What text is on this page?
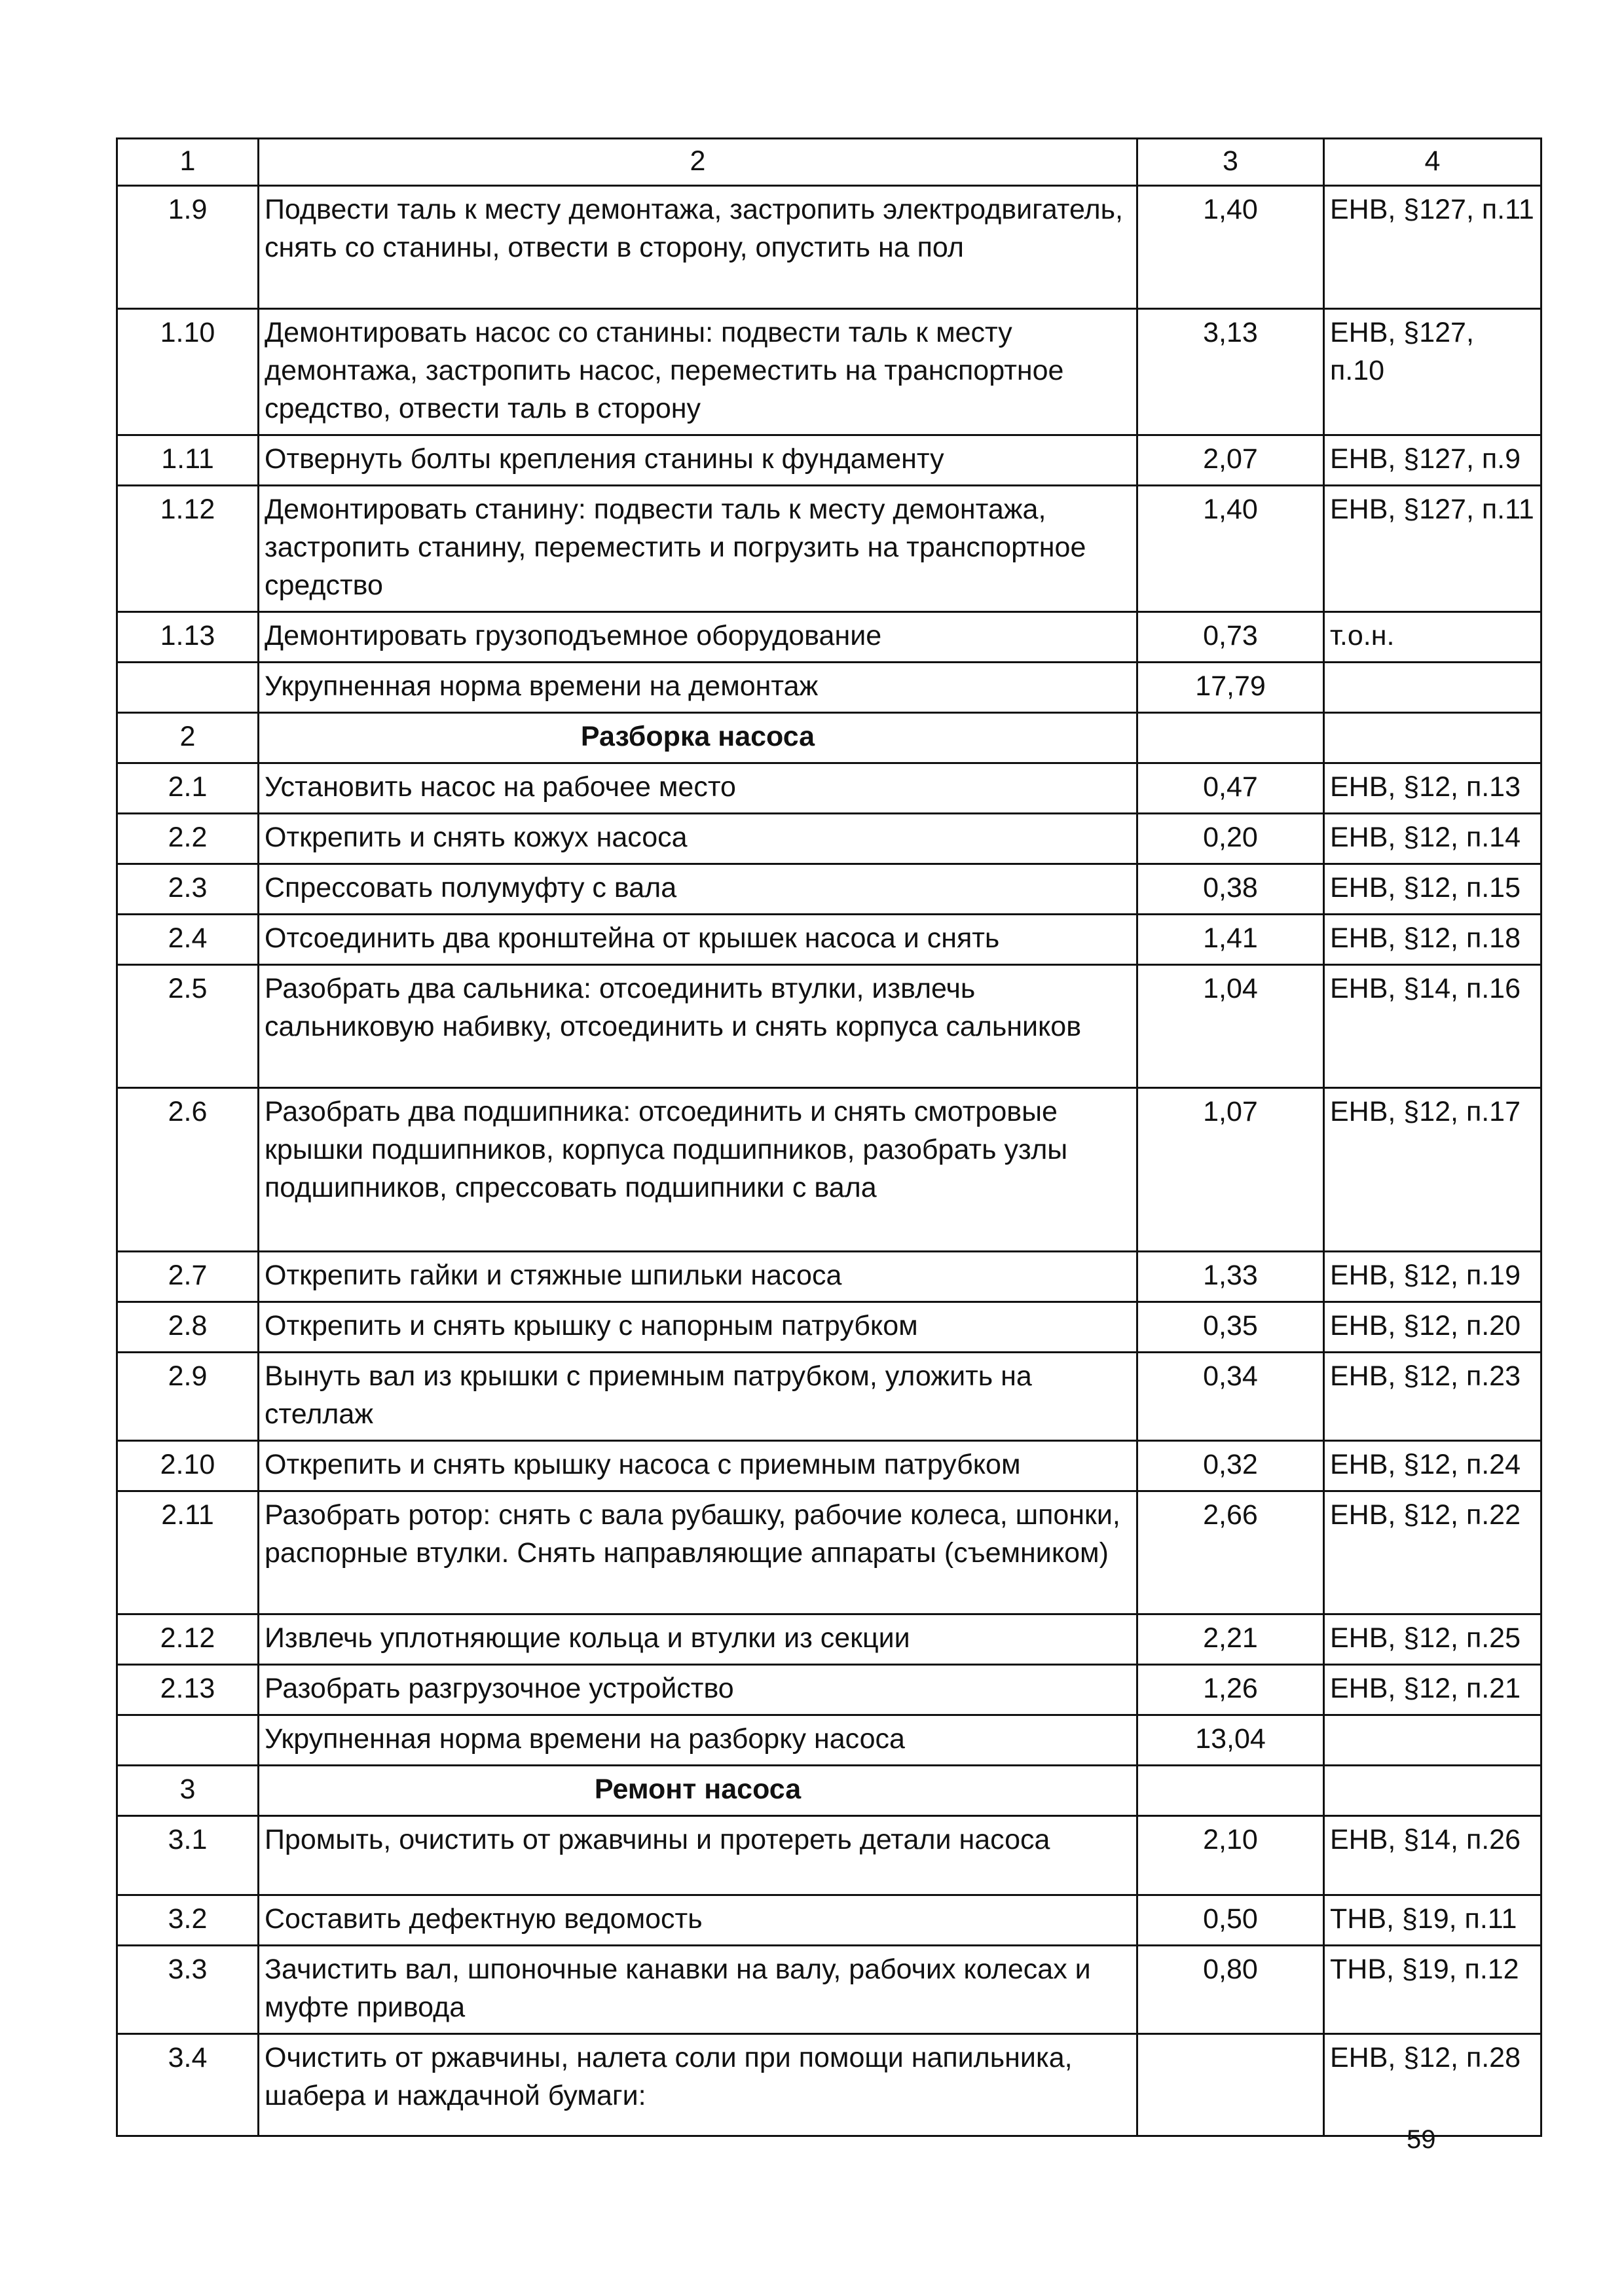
1	2	3	4
1.9	Подвести таль к месту демонтажа, застропить электродвигатель, снять со станины, отвести в сторону, опустить на пол	1,40	ЕНВ, §127, п.11
1.10	Демонтировать насос со станины: подвести таль к месту демонтажа, застропить насос, переместить на транспортное средство, отвести таль в сторону	3,13	ЕНВ, §127, п.10
1.11	Отвернуть болты крепления станины к фундаменту	2,07	ЕНВ, §127, п.9
1.12	Демонтировать станину: подвести таль к месту демонтажа, застропить станину, переместить и погрузить на транспортное средство	1,40	ЕНВ, §127, п.11
1.13	Демонтировать грузоподъемное оборудование	0,73	т.о.н.
	Укрупненная норма времени на демонтаж	17,79	
2	Разборка насоса		
2.1	Установить насос на рабочее место	0,47	ЕНВ, §12, п.13
2.2	Открепить и снять кожух насоса	0,20	ЕНВ, §12, п.14
2.3	Спрессовать полумуфту с вала	0,38	ЕНВ, §12, п.15
2.4	Отсоединить два кронштейна от крышек насоса и снять	1,41	ЕНВ, §12, п.18
2.5	Разобрать два сальника: отсоединить втулки, извлечь сальниковую набивку, отсоединить и снять корпуса сальников	1,04	ЕНВ, §14, п.16
2.6	Разобрать два подшипника: отсоединить и снять смотровые крышки подшипников, корпуса подшипников, разобрать узлы подшипников, спрессовать подшипники с вала	1,07	ЕНВ, §12, п.17
2.7	Открепить гайки и стяжные шпильки насоса	1,33	ЕНВ, §12, п.19
2.8	Открепить и снять крышку с напорным патрубком	0,35	ЕНВ, §12, п.20
2.9	Вынуть вал из крышки с приемным патрубком, уложить на стеллаж	0,34	ЕНВ, §12, п.23
2.10	Открепить и снять крышку насоса с приемным патрубком	0,32	ЕНВ, §12, п.24
2.11	Разобрать ротор: снять с вала рубашку, рабочие колеса, шпонки, распорные втулки. Снять направляющие аппараты (съемником)	2,66	ЕНВ, §12, п.22
2.12	Извлечь уплотняющие кольца и втулки из секции	2,21	ЕНВ, §12, п.25
2.13	Разобрать разгрузочное устройство	1,26	ЕНВ, §12, п.21
	Укрупненная норма времени на разборку насоса	13,04	
3	Ремонт насоса		
3.1	Промыть, очистить от ржавчины и протереть детали насоса	2,10	ЕНВ, §14, п.26
3.2	Составить дефектную ведомость	0,50	ТНВ, §19, п.11
3.3	Зачистить вал, шпоночные канавки на валу, рабочих колесах и муфте привода	0,80	ТНВ, §19, п.12
3.4	Очистить от ржавчины, налета соли при помощи напильника, шабера и наждачной бумаги:		ЕНВ, §12, п.28
59
